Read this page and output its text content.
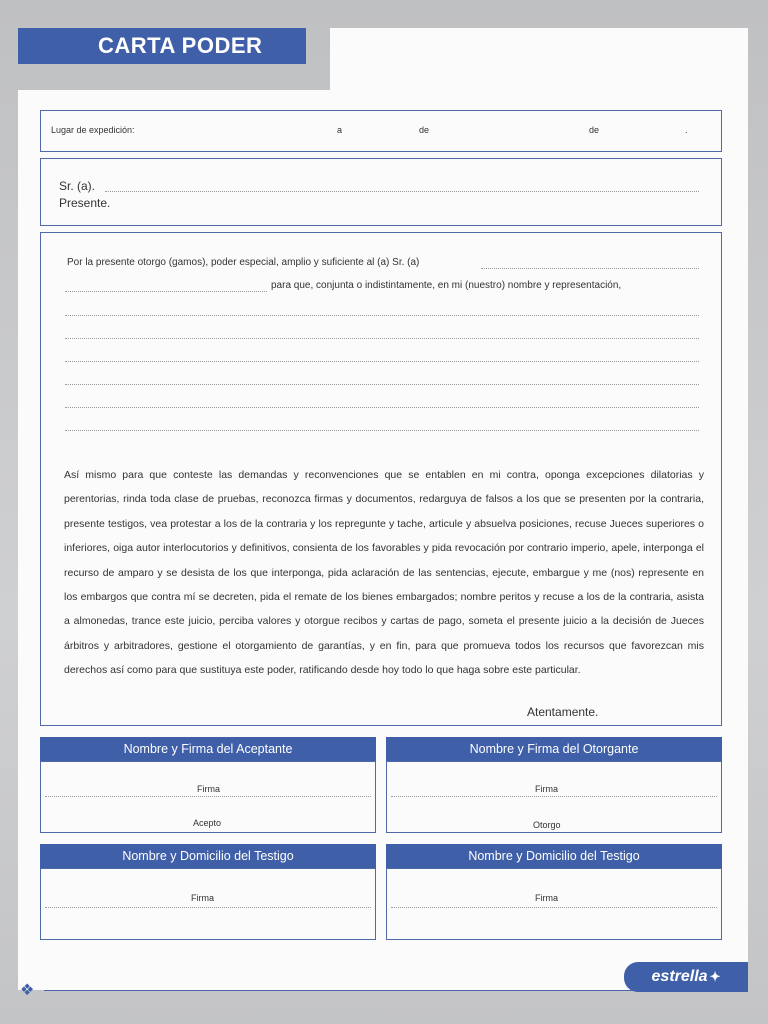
CARTA PODER
Lugar de expedición:	a	de	de	.
Sr. (a).
Presente.
Por la presente otorgo (gamos), poder especial, amplio y suficiente al (a) Sr. (a)
para que, conjunta o indistintamente, en mi (nuestro) nombre y representación,
Atentamente.
Así mismo para que conteste las demandas y reconvenciones que se entablen en mi contra, oponga excepciones dilatorias y perentorias, rinda toda clase de pruebas, reconozca firmas y documentos, redarguya de falsos a los que se presenten por la contraria, presente testigos, vea protestar a los de la contraria y los repregunte y tache, articule y absuelva posiciones, recuse Jueces superiores o inferiores, oiga autor interlocutorios y definitivos, consienta de los favorables y pida revocación por contrario imperio, apele, interponga el recurso de amparo y se desista de los que interponga, pida aclaración de las sentencias, ejecute, embargue y me (nos) represente en los embargos que contra mí se decreten, pida el remate de los bienes embargados; nombre peritos y recuse a los de la contraria, asista a almonedas, trance este juicio, perciba valores y otorgue recibos y cartas de pago, someta el presente juicio a la decisión de Jueces árbitros y arbitradores, gestione el otorgamiento de garantías, y en fin, para que promueva todos los recursos que favorezcan mis derechos así como para que sustituya este poder, ratificando desde hoy todo lo que haga sobre este particular.
Nombre y Firma del Aceptante
Firma
Acepto
Nombre y Firma del Otorgante
Firma
Otorgo
Nombre y Domicilio del Testigo
Firma
Nombre y Domicilio del Testigo
Firma
❖
estrella ✦
